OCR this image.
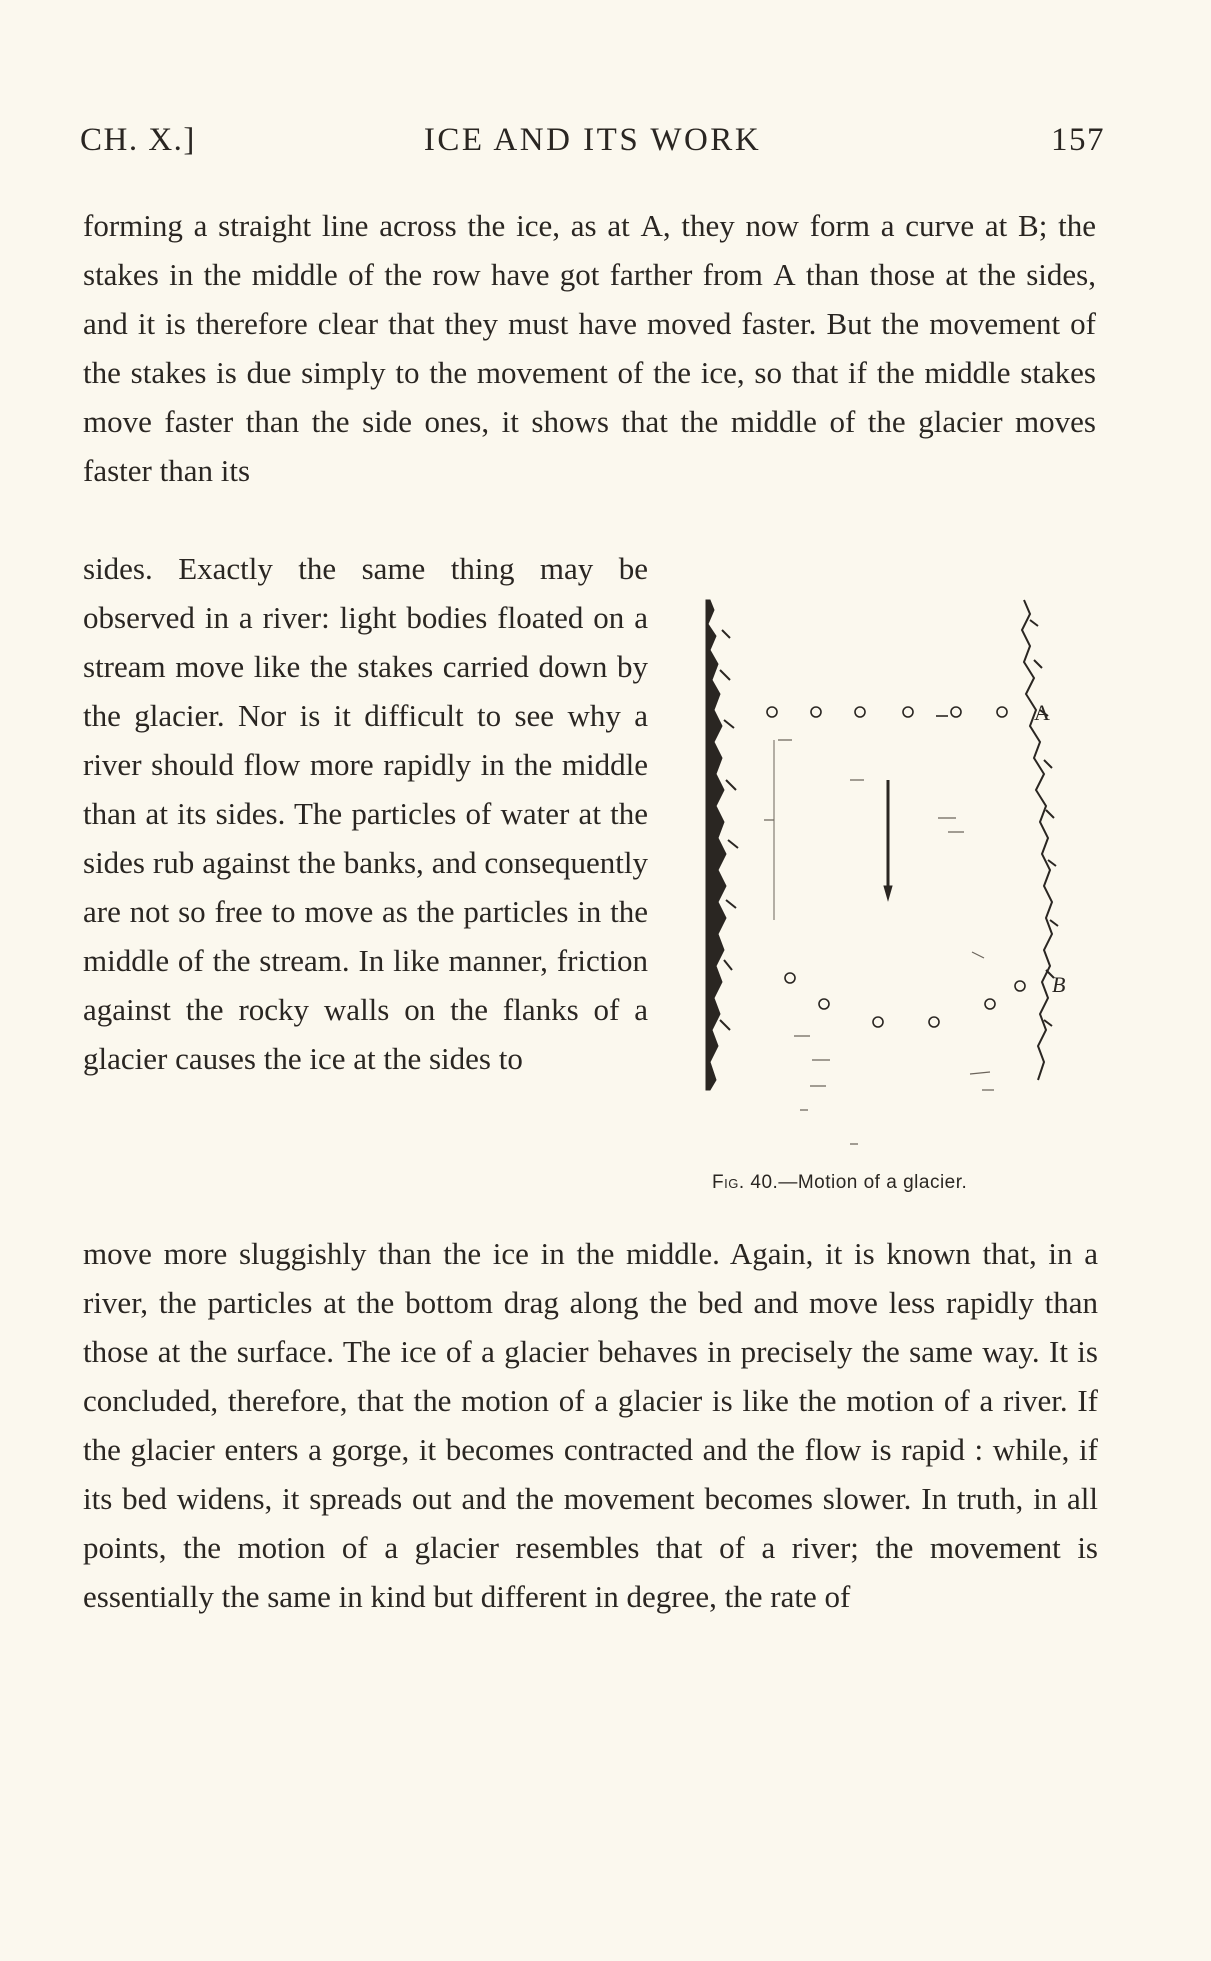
CH. X.]	ICE AND ITS WORK	157

forming a straight line across the ice, as at A, they now form a curve at B; the stakes in the middle of the row have got farther from A than those at the sides, and it is therefore clear that they must have moved faster. But the movement of the stakes is due simply to the movement of the ice, so that if the middle stakes move faster than the side ones, it shows that the middle of the glacier moves faster than its

sides. Exactly the same thing may be observed in a river: light bodies floated on a stream move like the stakes carried down by the glacier. Nor is it difficult to see why a river should flow more rapidly in the middle than at its sides. The particles of water at the sides rub against the banks, and consequently are not so free to move as the particles in the middle of the stream. In like manner, friction against the rocky walls on the flanks of a glacier causes the ice at the sides to

A
B
Fig. 40.—Motion of a glacier.

move more sluggishly than the ice in the middle. Again, it is known that, in a river, the particles at the bottom drag along the bed and move less rapidly than those at the surface. The ice of a glacier behaves in precisely the same way. It is concluded, therefore, that the motion of a glacier is like the motion of a river. If the glacier enters a gorge, it becomes contracted and the flow is rapid : while, if its bed widens, it spreads out and the movement becomes slower. In truth, in all points, the motion of a glacier resembles that of a river; the movement is essentially the same in kind but different in degree, the rate of
